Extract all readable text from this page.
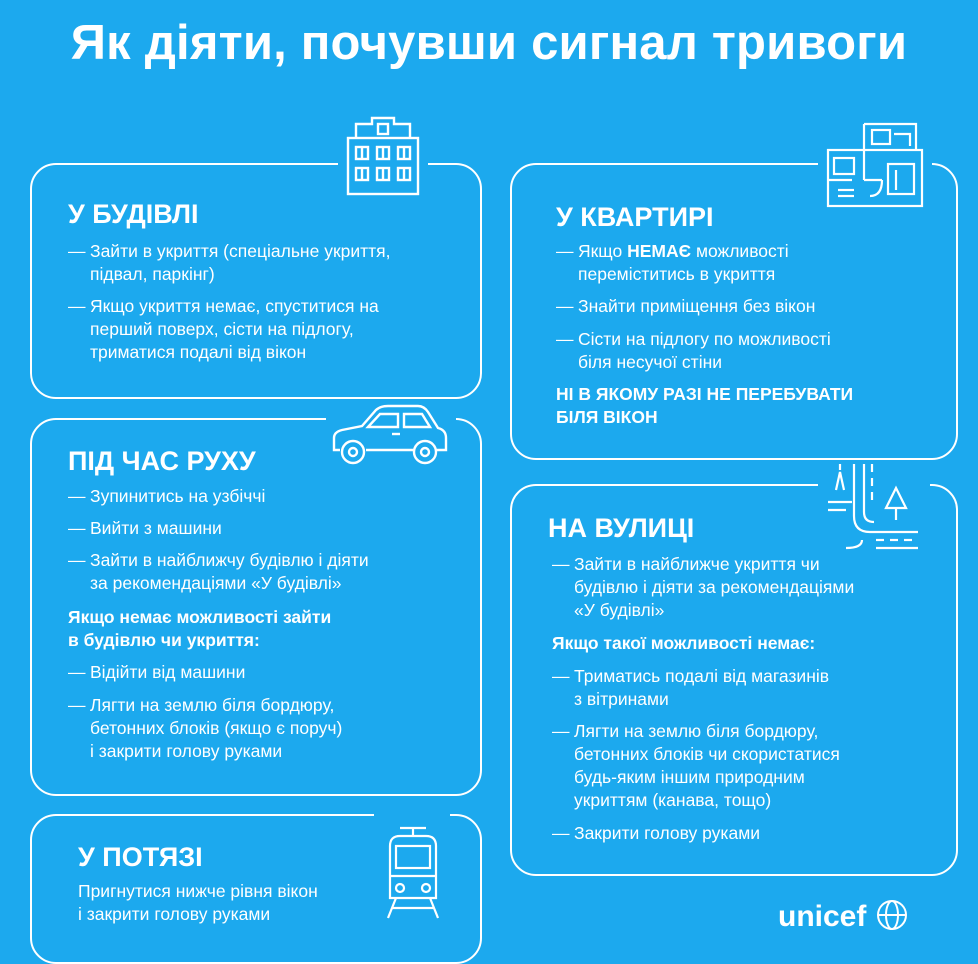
Як діяти, почувши сигнал тривоги
У БУДІВЛІ
— Зайти в укриття (спеціальне укриття,
підвал, паркінг)
— Якщо укриття немає, спуститися на
перший поверх, сісти на підлогу,
триматися подалі від вікон
У КВАРТИРІ
— Якщо НЕМАЄ можливості
переміститись в укриття
— Знайти приміщення без вікон
— Сісти на підлогу по можливості
біля несучої стіни
НІ В ЯКОМУ РАЗІ НЕ ПЕРЕБУВАТИ
БІЛЯ ВІКОН
ПІД ЧАС РУХУ
— Зупинитись на узбіччі
— Вийти з машини
— Зайти в найближчу будівлю і діяти
за рекомендаціями «У будівлі»
Якщо немає можливості зайти
в будівлю чи укриття:
— Відійти від машини
— Лягти на землю біля бордюру,
бетонних блоків (якщо є поруч)
і закрити голову руками
НА ВУЛИЦІ
— Зайти в найближче укриття чи
будівлю і діяти за рекомендаціями
«У будівлі»
Якщо такої можливості немає:
— Триматись подалі від магазинів
з вітринами
— Лягти на землю біля бордюру,
бетонних блоків чи скористатися
будь-яким іншим природним
укриттям (канава, тощо)
— Закрити голову руками
У ПОТЯЗІ
Пригнутися нижче рівня вікон
і закрити голову руками	unicef
